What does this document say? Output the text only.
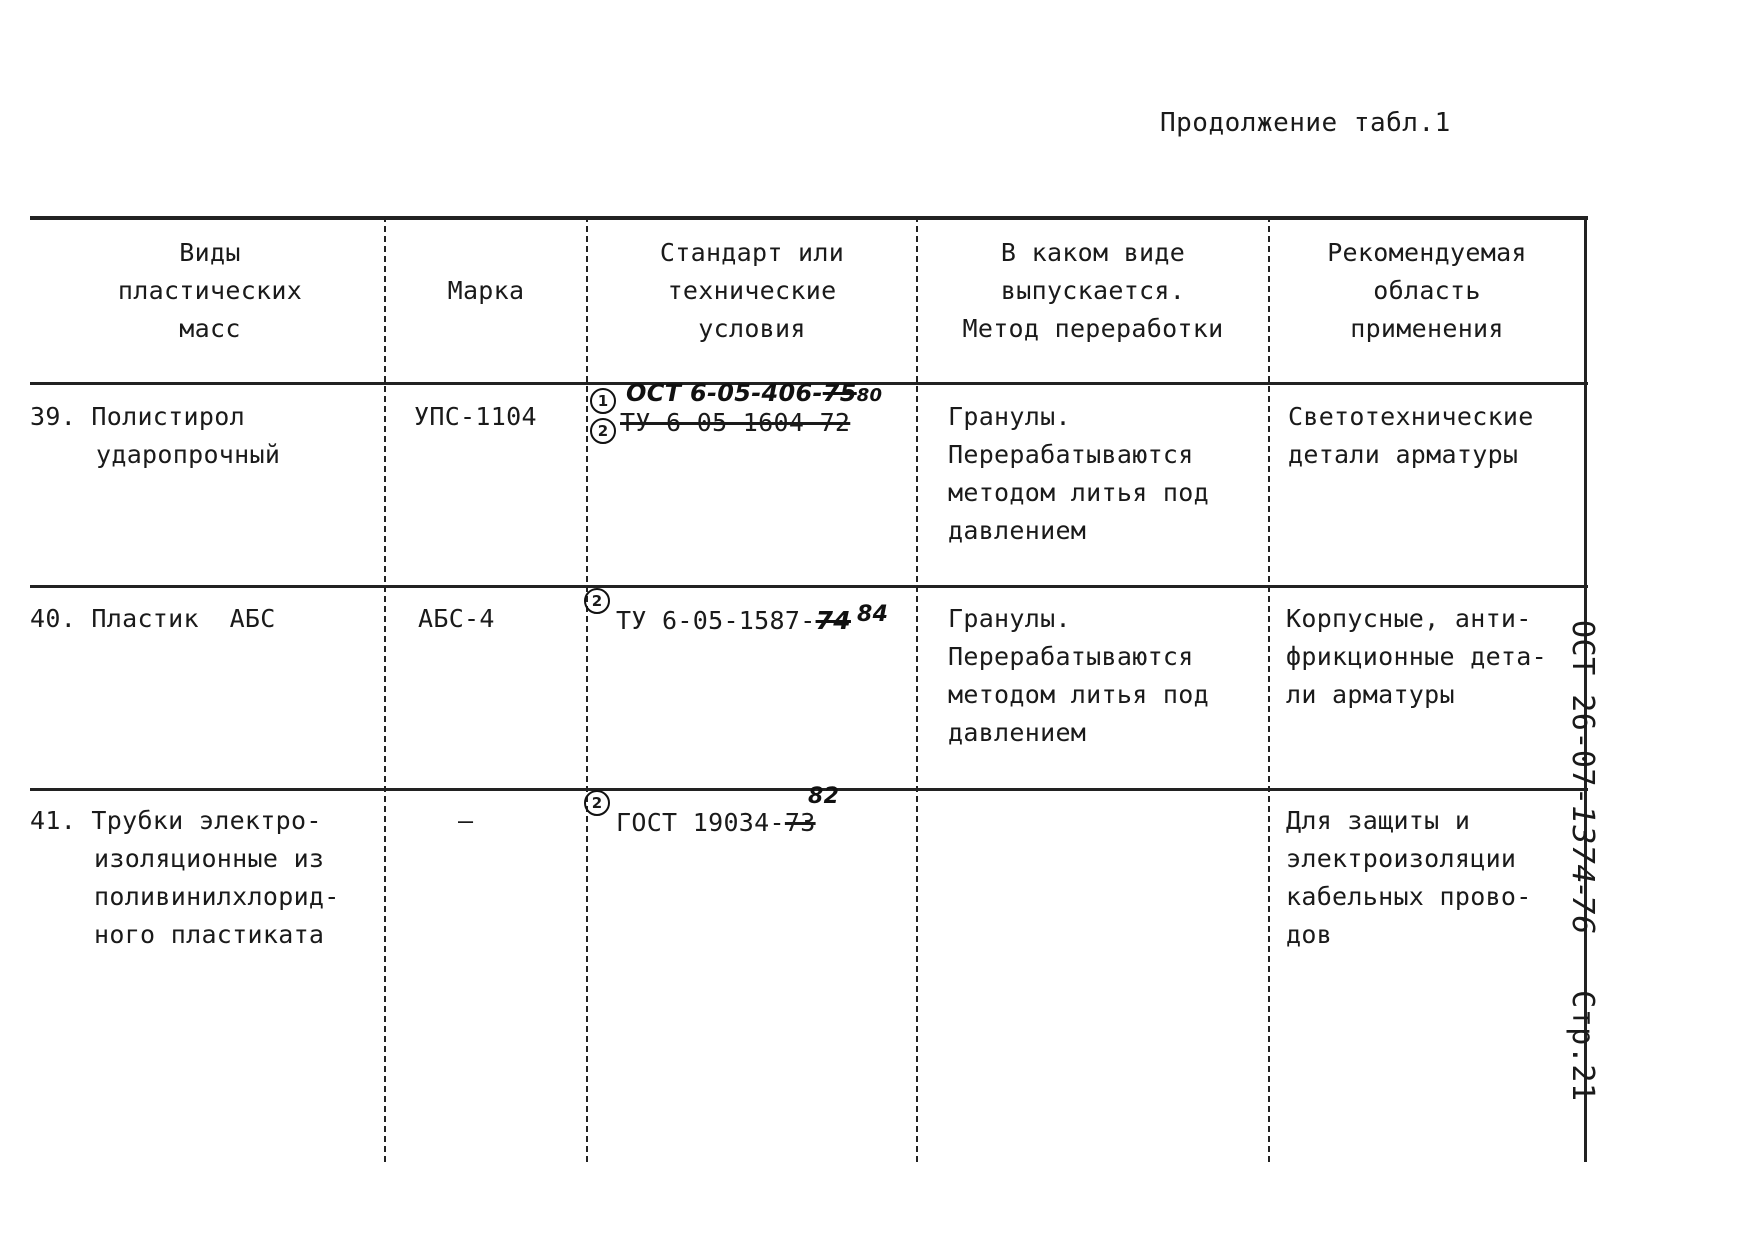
Продолжение табл.1
Виды
пластических
масс
Марка
Стандарт или
технические
условия
В каком виде
выпускается.
Метод переработки
Рекомендуемая
область
применения
39. Полистирол
ударопрочный
УПС-1104
1
2
ОСТ 6-05-406-7580
ТУ 6-05-1604-72	Гранулы.
Перерабатываются
методом литья под
давлением
Светотехнические
детали арматуры
40. Пластик  АБС	АБС-4
2
ТУ 6-05-1587-74 84 Гранулы.
Перерабатываются
методом литья под
давлением
Корпусные, анти-
фрикционные дета-
ли арматуры
41. Трубки электро-
изоляционные из
поливинилхлорид-
ного пластиката
—
2
ГОСТ 19034-73
82
Для защиты и
электроизоляции
кабельных прово-
дов
ОСТ 26-07-1374-76   Стр.21
